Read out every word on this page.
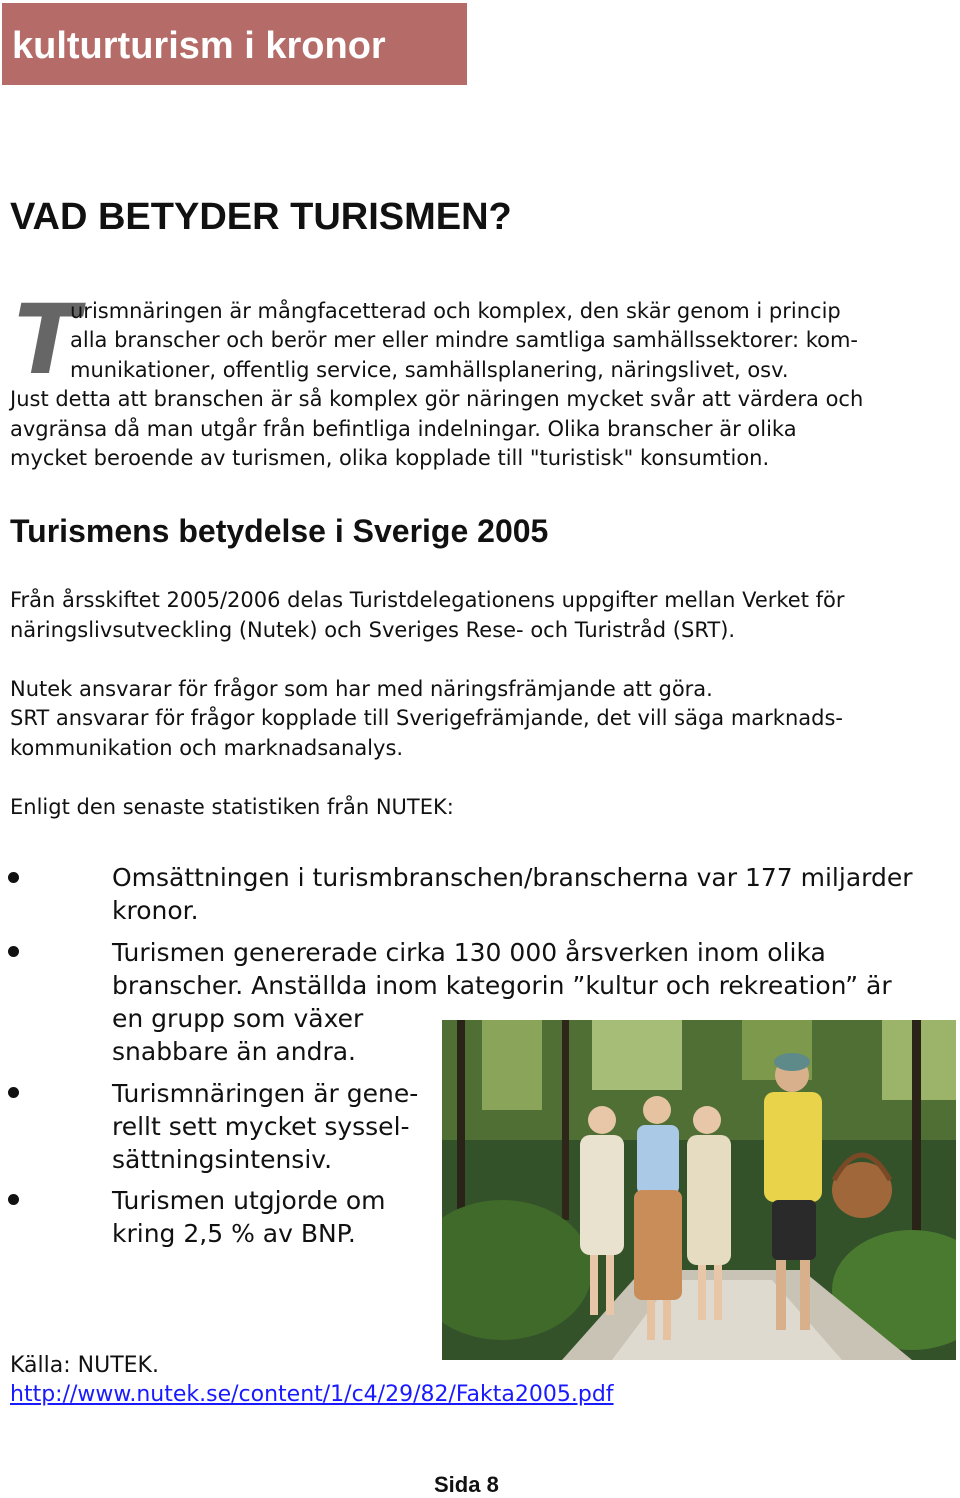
kulturturism i kronor
VAD BETYDER TURISMEN?
T
urismnäringen är mångfacetterad och komplex, den skär genom i princip
alla branscher och berör mer eller mindre samtliga samhällssektorer: kom-
munikationer, offentlig service, samhällsplanering, näringslivet, osv.
Just detta att branschen är så komplex gör näringen mycket svår att värdera och
avgränsa då man utgår från befintliga indelningar. Olika branscher är olika
mycket beroende av turismen, olika kopplade till "turistisk" konsumtion.
Turismens betydelse i Sverige 2005
Från årsskiftet 2005/2006 delas Turistdelegationens uppgifter mellan Verket för
näringslivsutveckling (Nutek) och Sveriges Rese- och Turistråd (SRT).
Nutek ansvarar för frågor som har med näringsfrämjande att göra.
SRT ansvarar för frågor kopplade till Sverigefrämjande, det vill säga marknads-
kommunikation och marknadsanalys.
Enligt den senaste statistiken från NUTEK:
Omsättningen i turismbranschen/branscherna var 177 miljarder
kronor.
Turismen genererade cirka 130 000 årsverken inom olika
branscher. Anställda inom kategorin ”kultur och rekreation” är
en grupp som växer
snabbare än andra.
Turismnäringen är gene-
rellt sett mycket syssel-
sättningsintensiv.
Turismen utgjorde om
kring 2,5 % av BNP.
Källa: NUTEK.
http://www.nutek.se/content/1/c4/29/82/Fakta2005.pdf
Sida 8
